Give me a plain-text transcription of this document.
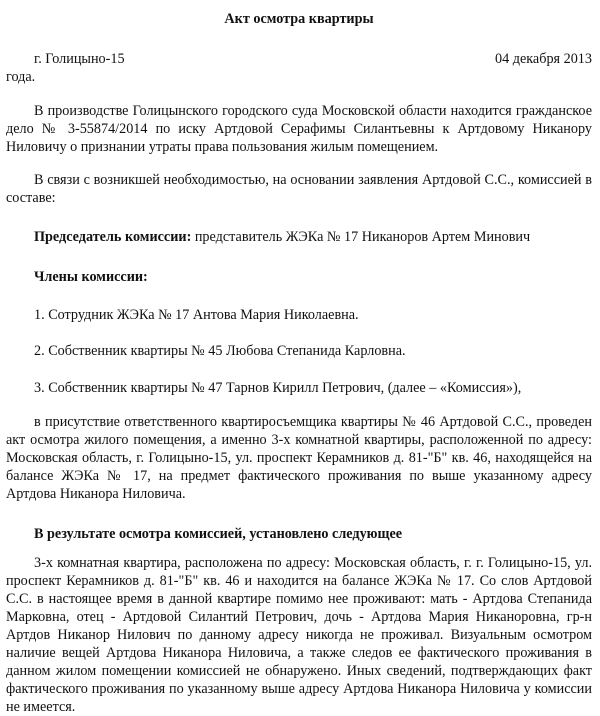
Акт осмотра квартиры
г. Голицыно-15	04 декабря 2013
года.

В производстве Голицынского городского суда Московской области находится гражданское дело № 3-55874/2014 по иску Артдовой Серафимы Силантьевны к Артдовому Никанору Ниловичу о признании утраты права пользования жилым помещением.

В связи с возникшей необходимостью, на основании заявления Артдовой С.С., комиссией в составе:

Председатель комиссии: представитель ЖЭКа № 17 Никаноров Артем Минович

Члены комиссии:

1. Сотрудник ЖЭКа № 17 Антова Мария Николаевна.

2. Собственник квартиры № 45 Любова Степанида Карловна.

3. Собственник квартиры № 47 Тарнов Кирилл Петрович, (далее – «Комиссия»),

в присутствие ответственного квартиросъемщика квартиры № 46 Артдовой С.С., проведен акт осмотра жилого помещения, а именно 3-х комнатной квартиры, расположенной по адресу: Московская область, г. Голицыно-15, ул. проспект Керамников д. 81-"Б" кв. 46, находящейся на балансе ЖЭКа № 17, на предмет фактического проживания по выше указанному адресу Артдова Никанора Ниловича.

В результате осмотра комиссией, установлено следующее

3-х комнатная квартира, расположена по адресу: Московская область, г. г. Голицыно-15, ул. проспект Керамников д. 81-"Б" кв. 46 и находится на балансе ЖЭКа № 17. Со слов Артдовой С.С. в настоящее время в данной квартире помимо нее проживают: мать - Артдова Степанида Марковна, отец - Артдовой Силантий Петрович, дочь - Артдова Мария Никаноровна, гр-н Артдов Никанор Нилович по данному адресу никогда не проживал. Визуальным осмотром наличие вещей Артдова Никанора Ниловича, а также следов ее фактического проживания в данном жилом помещении комиссией не обнаружено. Иных сведений, подтверждающих факт фактического проживания по указанному выше адресу Артдова Никанора Ниловича у комиссии не имеется.
